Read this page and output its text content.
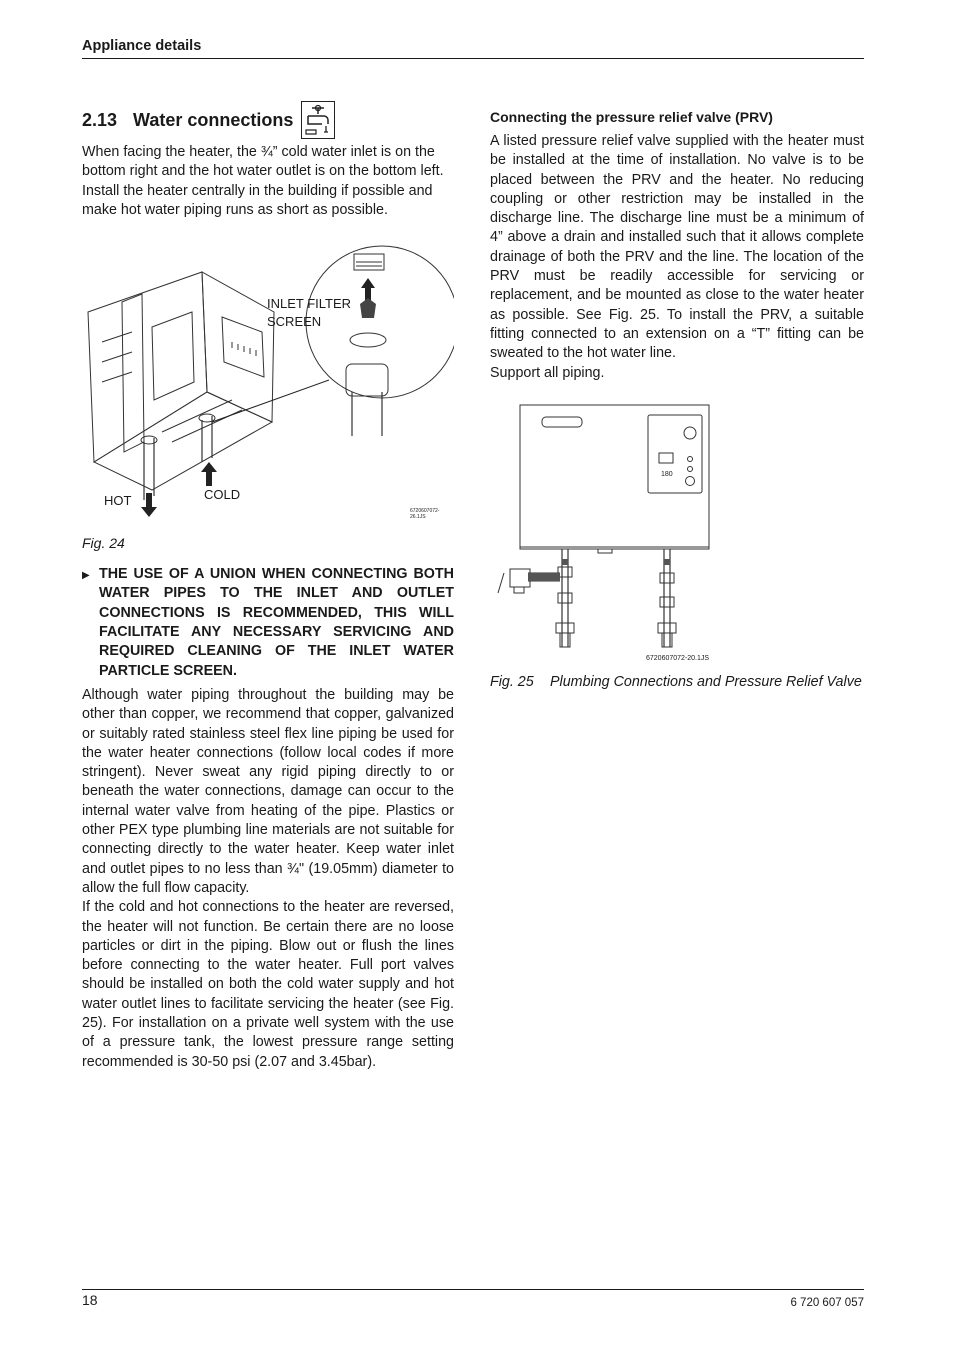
Appliance details
2.13 Water connections

When facing the heater, the ¾” cold water inlet is on the bottom right and the hot water outlet is on the bottom left. Install the heater centrally in the building if possible and make hot water piping runs as short as possible.

INLET FILTER
SCREEN
HOT	COLD
6720607072-26.1JS
Fig. 24
▶ THE USE OF A UNION WHEN CONNECTING BOTH WATER PIPES TO THE INLET AND OUTLET CONNECTIONS IS RECOMMENDED, THIS WILL FACILITATE ANY NECESSARY SERVICING AND REQUIRED CLEANING OF THE INLET WATER PARTICLE SCREEN.

Although water piping throughout the building may be other than copper, we recommend that copper, galvanized or suitably rated stainless steel flex line piping be used for the water heater connections (follow local codes if more stringent). Never sweat any rigid piping directly to or beneath the water connections, damage can occur to the internal water valve from heating of the pipe. Plastics or other PEX type plumbing line materials are not suitable for connecting directly to the water heater. Keep water inlet and outlet pipes to no less than ¾" (19.05mm) diameter to allow the full flow capacity.

If the cold and hot connections to the heater are reversed, the heater will not function. Be certain there are no loose particles or dirt in the piping. Blow out or flush the lines before connecting to the water heater. Full port valves should be installed on both the cold water supply and hot water outlet lines to facilitate servicing the heater (see Fig. 25). For installation on a private well system with the use of a pressure tank, the lowest pressure range setting recommended is 30-50 psi (2.07 and 3.45bar).

Connecting the pressure relief valve (PRV)

A listed pressure relief valve supplied with the heater must be installed at the time of installation. No valve is to be placed between the PRV and the heater. No reducing coupling or other restriction may be installed in the discharge line. The discharge line must be a minimum of 4” above a drain and installed such that it allows complete drainage of both the PRV and the line. The location of the PRV must be readily accessible for servicing or replacement, and be mounted as close to the water heater as possible. See Fig. 25. To install the PRV, a suitable fitting connected to an extension on a “T” fitting can be sweated to the hot water line.

Support all piping.

180
6720607072-20.1JS
Fig. 25	Plumbing Connections and Pressure Relief Valve
18	6 720 607 057
